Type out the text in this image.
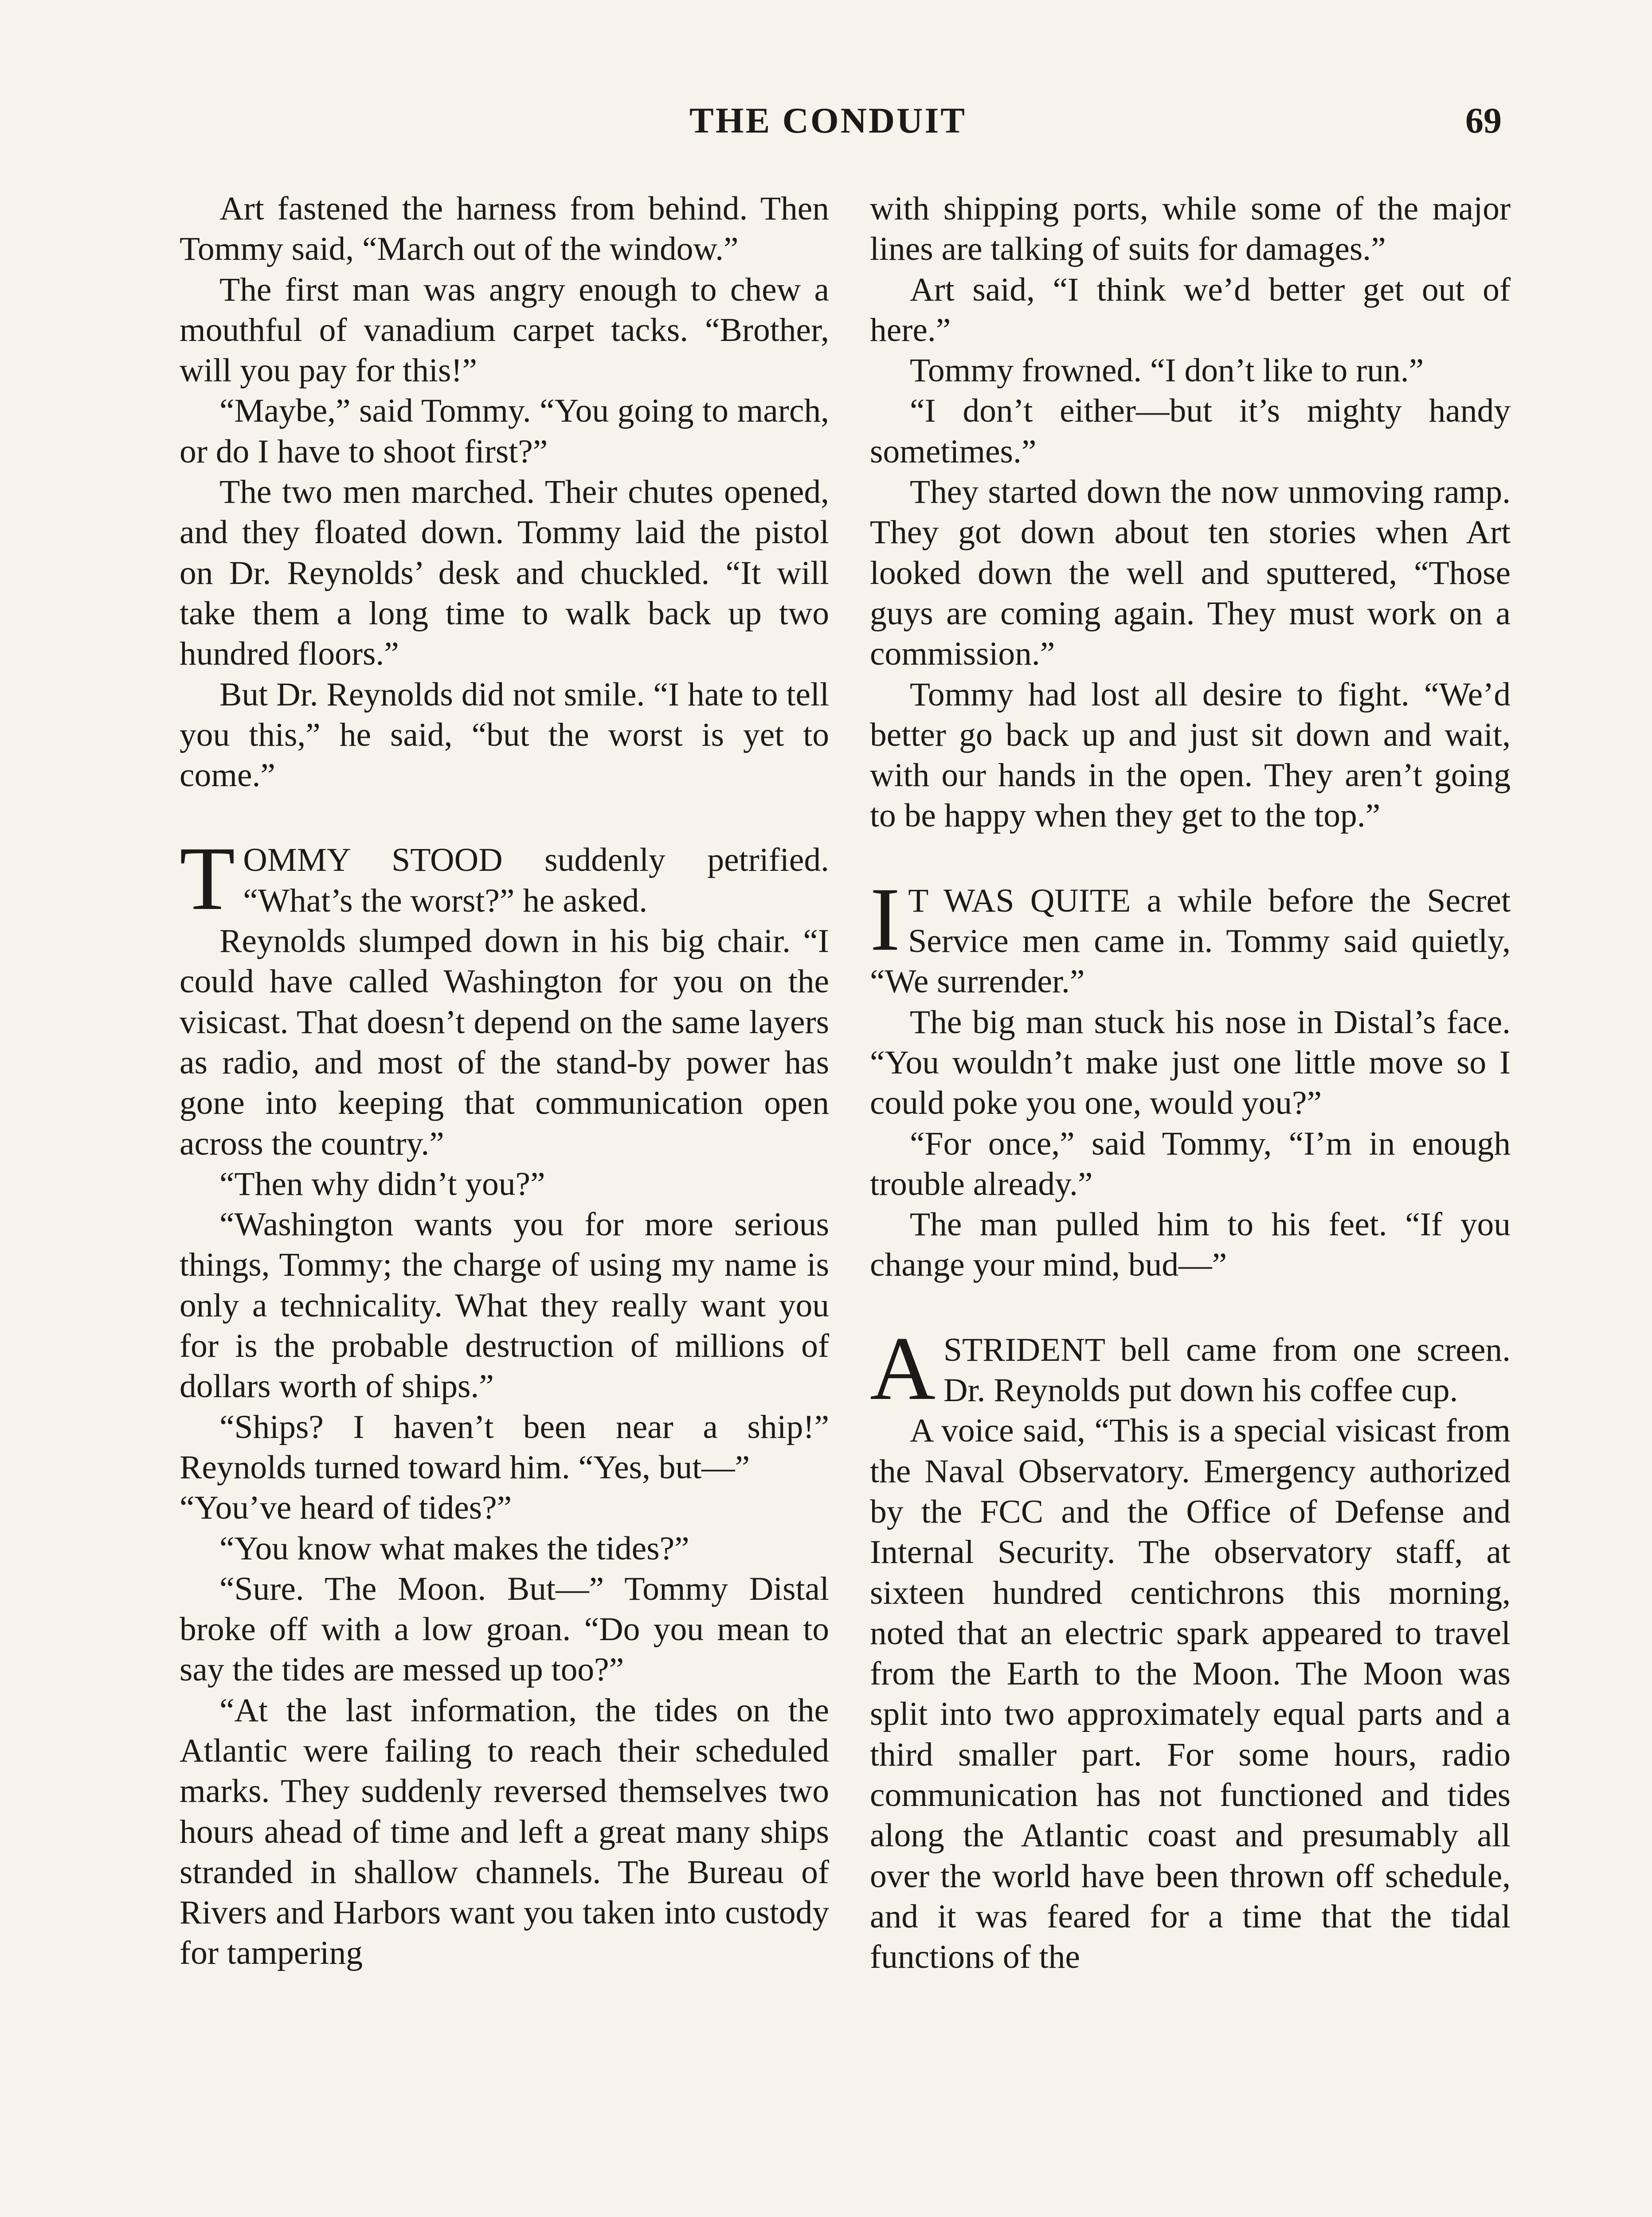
THE CONDUIT	69

Art fastened the harness from behind. Then Tommy said, “March out of the window.”

The first man was angry enough to chew a mouthful of vanadium carpet tacks. “Brother, will you pay for this!”

“Maybe,” said Tommy. “You going to march, or do I have to shoot first?”

The two men marched. Their chutes opened, and they floated down. Tommy laid the pistol on Dr. Reynolds’ desk and chuckled. “It will take them a long time to walk back up two hundred floors.”

But Dr. Reynolds did not smile. “I hate to tell you this,” he said, “but the worst is yet to come.”

TOMMY STOOD suddenly petrified. “What’s the worst?” he asked.

Reynolds slumped down in his big chair. “I could have called Washington for you on the visicast. That doesn’t depend on the same layers as radio, and most of the stand-by power has gone into keeping that communication open across the country.”

“Then why didn’t you?”

“Washington wants you for more serious things, Tommy; the charge of using my name is only a technicality. What they really want you for is the probable destruction of millions of dollars worth of ships.”

“Ships? I haven’t been near a ship!” Reynolds turned toward him. “Yes, but—”

“You’ve heard of tides?”

“You know what makes the tides?”

“Sure. The Moon. But—” Tommy Distal broke off with a low groan. “Do you mean to say the tides are messed up too?”

“At the last information, the tides on the Atlantic were failing to reach their scheduled marks. They suddenly reversed themselves two hours ahead of time and left a great many ships stranded in shallow channels. The Bureau of Rivers and Harbors want you taken into custody for tampering

with shipping ports, while some of the major lines are talking of suits for damages.”

Art said, “I think we’d better get out of here.”

Tommy frowned. “I don’t like to run.”

“I don’t either—but it’s mighty handy sometimes.”

They started down the now unmoving ramp. They got down about ten stories when Art looked down the well and sputtered, “Those guys are coming again. They must work on a commission.”

Tommy had lost all desire to fight. “We’d better go back up and just sit down and wait, with our hands in the open. They aren’t going to be happy when they get to the top.”

I T WAS QUITE a while before the Secret Service men came in. Tommy said quietly, “We surrender.”

The big man stuck his nose in Distal’s face. “You wouldn’t make just one little move so I could poke you one, would you?”

“For once,” said Tommy, “I’m in enough trouble already.”

The man pulled him to his feet. “If you change your mind, bud—”

ASTRIDENT bell came from one screen. Dr. Reynolds put down his coffee cup.

A voice said, “This is a special visicast from the Naval Observatory. Emergency authorized by the FCC and the Office of Defense and Internal Security. The observatory staff, at sixteen hundred centichrons this morning, noted that an electric spark appeared to travel from the Earth to the Moon. The Moon was split into two approximately equal parts and a third smaller part. For some hours, radio communication has not functioned and tides along the Atlantic coast and presumably all over the world have been thrown off schedule, and it was feared for a time that the tidal functions of the
